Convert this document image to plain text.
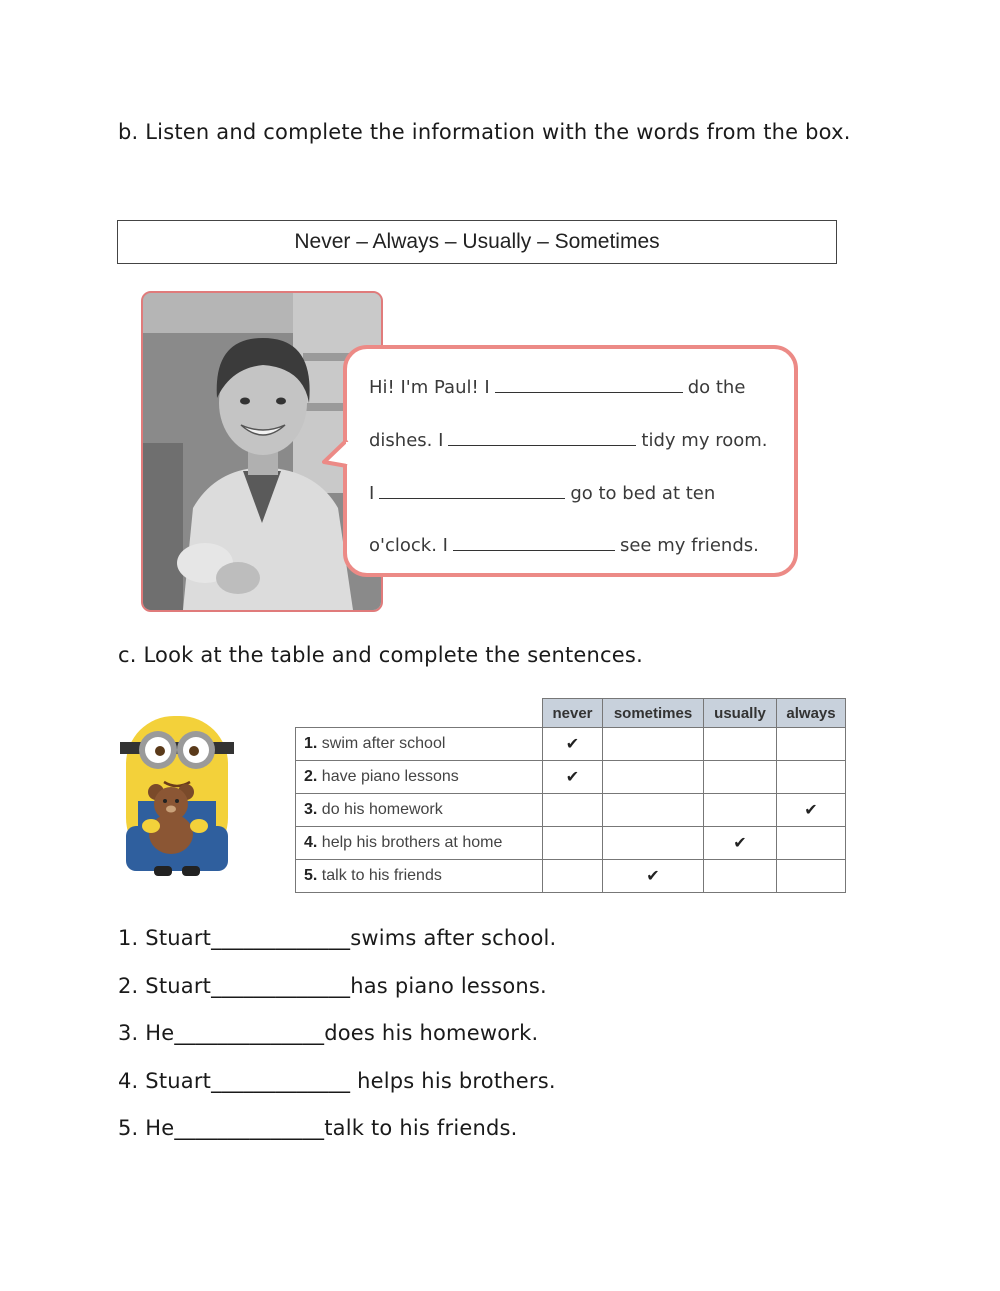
b. Listen and complete the information with the words from the box.
Never – Always – Usually – Sometimes
Hi! I'm Paul! I	do the
dishes. I	tidy my room.
I	go to bed at ten
o'clock. I	see my friends.
c. Look at the table and complete the sentences.
	never	sometimes	usually	always
1. swim after school	✔			
2. have piano lessons	✔			
3. do his homework				✔
4. help his brothers at home			✔	
5. talk to his friends		✔		
1. Stuart_____________swims after school.
2. Stuart_____________has piano lessons.
3. He______________does his homework.
4. Stuart_____________ helps his brothers.
5. He______________talk to his friends.
